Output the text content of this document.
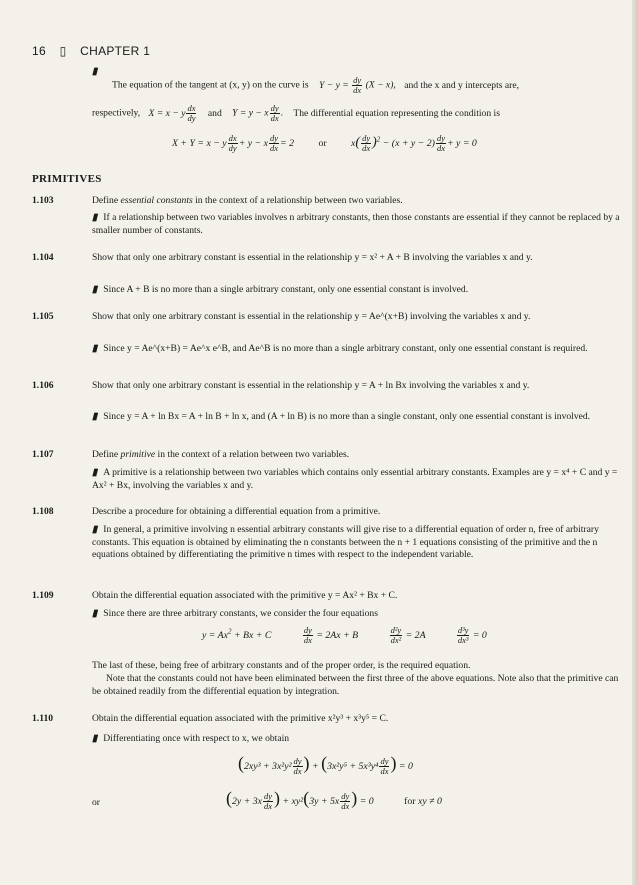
16 ▯ CHAPTER 1
▮
The equation of the tangent at (x, y) on the curve is $Y - y = \frac{dy}{dx} (X - x)$, and the x and y intercepts are,
respectively, X = x − y $\frac{dx}{dy}$ and Y = y − x $\frac{dy}{dx}$ . The differential equation representing the condition is
X + Y = x − y $\frac{dx}{dy} + y - x \frac{dy}{dx} = 2$ or $x( \frac{dy}{dx} )^2 - (x + y - 2) \frac{dy}{dx} + y = 0$
PRIMITIVES
1.103	Define essential constants in the context of a relationship between two variables.
▮ If a relationship between two variables involves n arbitrary constants, then those constants are essential if they cannot be replaced by a smaller number of constants.
1.104	Show that only one arbitrary constant is essential in the relationship y = x² + A + B involving the variables x and y.
▮ Since A + B is no more than a single arbitrary constant, only one essential constant is involved.
1.105	Show that only one arbitrary constant is essential in the relationship y = Ae^(x+B) involving the variables x and y.
▮ Since y = Ae^(x+B) = Ae^x e^B, and Ae^B is no more than a single arbitrary constant, only one essential constant is required.
1.106	Show that only one arbitrary constant is essential in the relationship y = A + ln Bx involving the variables x and y.
▮ Since y = A + ln Bx = A + ln B + ln x, and (A + ln B) is no more than a single constant, only one essential constant is involved.
1.107	Define primitive in the context of a relation between two variables.
▮ A primitive is a relationship between two variables which contains only essential arbitrary constants. Examples are y = x⁴ + C and y = Ax² + Bx, involving the variables x and y.
1.108	Describe a procedure for obtaining a differential equation from a primitive.
▮ In general, a primitive involving n essential arbitrary constants will give rise to a differential equation of order n, free of arbitrary constants. This equation is obtained by eliminating the n constants between the n + 1 equations consisting of the primitive and the n equations obtained by differentiating the primitive n times with respect to the independent variable.
1.109	Obtain the differential equation associated with the primitive y = Ax² + Bx + C.
▮ Since there are three arbitrary constants, we consider the four equations
$y = Ax^2 + Bx + C$	$\frac{dy}{dx} = 2Ax + B$	$\frac{\text{d²y}}{\text{dx²}} = 2A$	$\frac{\text{d³y}}{\text{dx³}} = 0$
The last of these, being free of arbitrary constants and of the proper order, is the required equation.
Note that the constants could not have been eliminated between the first three of the above equations. Note also that the primitive can be obtained readily from the differential equation by integration.
1.110	Obtain the differential equation associated with the primitive x²y³ + x³y⁵ = C.
▮ Differentiating once with respect to x, we obtain
($2xy^3 + 3x^2y^2 \frac{dy}{dx}$ ) + ($3x^2y^5 + 5x^3y^4 \frac{dy}{dx}$ ) = 0
or	($2y + 3x \frac{dy}{dx}$ ) + $xy^2(3y + 5x \frac{dy}{dx}$ ) = 0	for xy ≠ 0
